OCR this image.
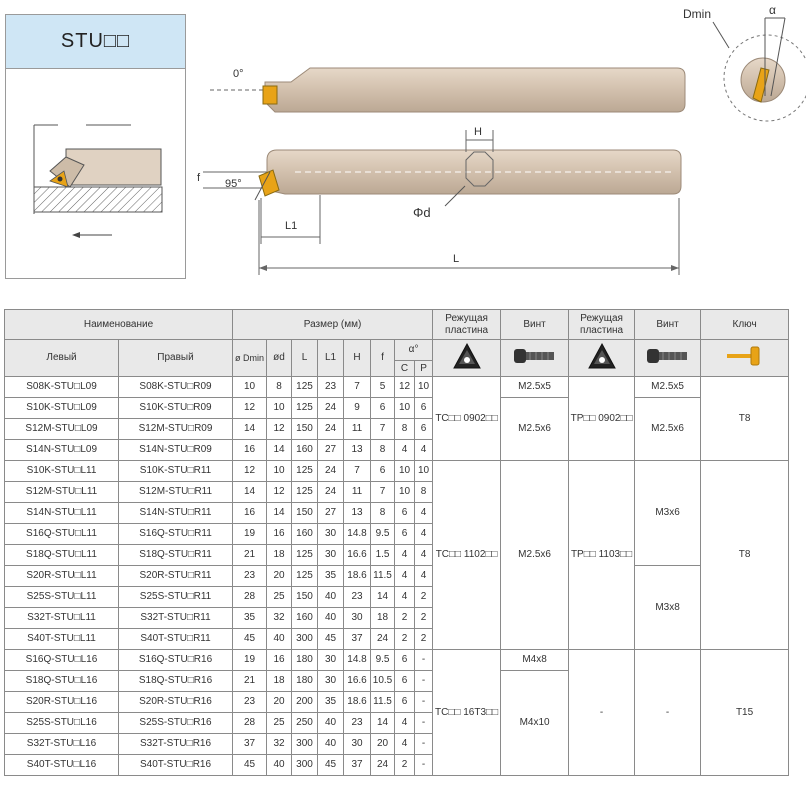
STU□□
0°
95°
f
H
Φd
L1
L
Dmin	α
Наименование		Размер (мм)								Режущая пластина	Винт	Режущая пластина	Винт	Ключ
Левый	Правый	ø Dmin	ød	L	L1	H	f	α°					
								C	P					
S08K-STU□L09	S08K-STU□R09	10	8	125	23	7	5	12	10	TC□□ 0902□□	M2.5x5	TP□□ 0902□□	M2.5x5	T8
S10K-STU□L09	S10K-STU□R09	12	10	125	24	9	6	10	6		M2.5x6		M2.5x6	
S12M-STU□L09	S12M-STU□R09	14	12	150	24	11	7	8	6					
S14N-STU□L09	S14N-STU□R09	16	14	160	27	13	8	4	4					
S10K-STU□L11	S10K-STU□R11	12	10	125	24	7	6	10	10	TC□□ 1102□□	M2.5x6	TP□□ 1103□□	M3x6	T8
S12M-STU□L11	S12M-STU□R11	14	12	125	24	11	7	10	8					
S14N-STU□L11	S14N-STU□R11	16	14	150	27	13	8	6	4					
S16Q-STU□L11	S16Q-STU□R11	19	16	160	30	14.8	9.5	6	4					
S18Q-STU□L11	S18Q-STU□R11	21	18	125	30	16.6	1.5	4	4					
S20R-STU□L11	S20R-STU□R11	23	20	125	35	18.6	11.5	4	4				M3x8	
S25S-STU□L11	S25S-STU□R11	28	25	150	40	23	14	4	2					
S32T-STU□L11	S32T-STU□R11	35	32	160	40	30	18	2	2					
S40T-STU□L11	S40T-STU□R11	45	40	300	45	37	24	2	2					
S16Q-STU□L16	S16Q-STU□R16	19	16	180	30	14.8	9.5	6	-	TC□□ 16T3□□	M4x8	-	-	T15
S18Q-STU□L16	S18Q-STU□R16	21	18	180	30	16.6	10.5	6	-		M4x10			
S20R-STU□L16	S20R-STU□R16	23	20	200	35	18.6	11.5	6	-					
S25S-STU□L16	S25S-STU□R16	28	25	250	40	23	14	4	-					
S32T-STU□L16	S32T-STU□R16	37	32	300	40	30	20	4	-					
S40T-STU□L16	S40T-STU□R16	45	40	300	45	37	24	2	-					
